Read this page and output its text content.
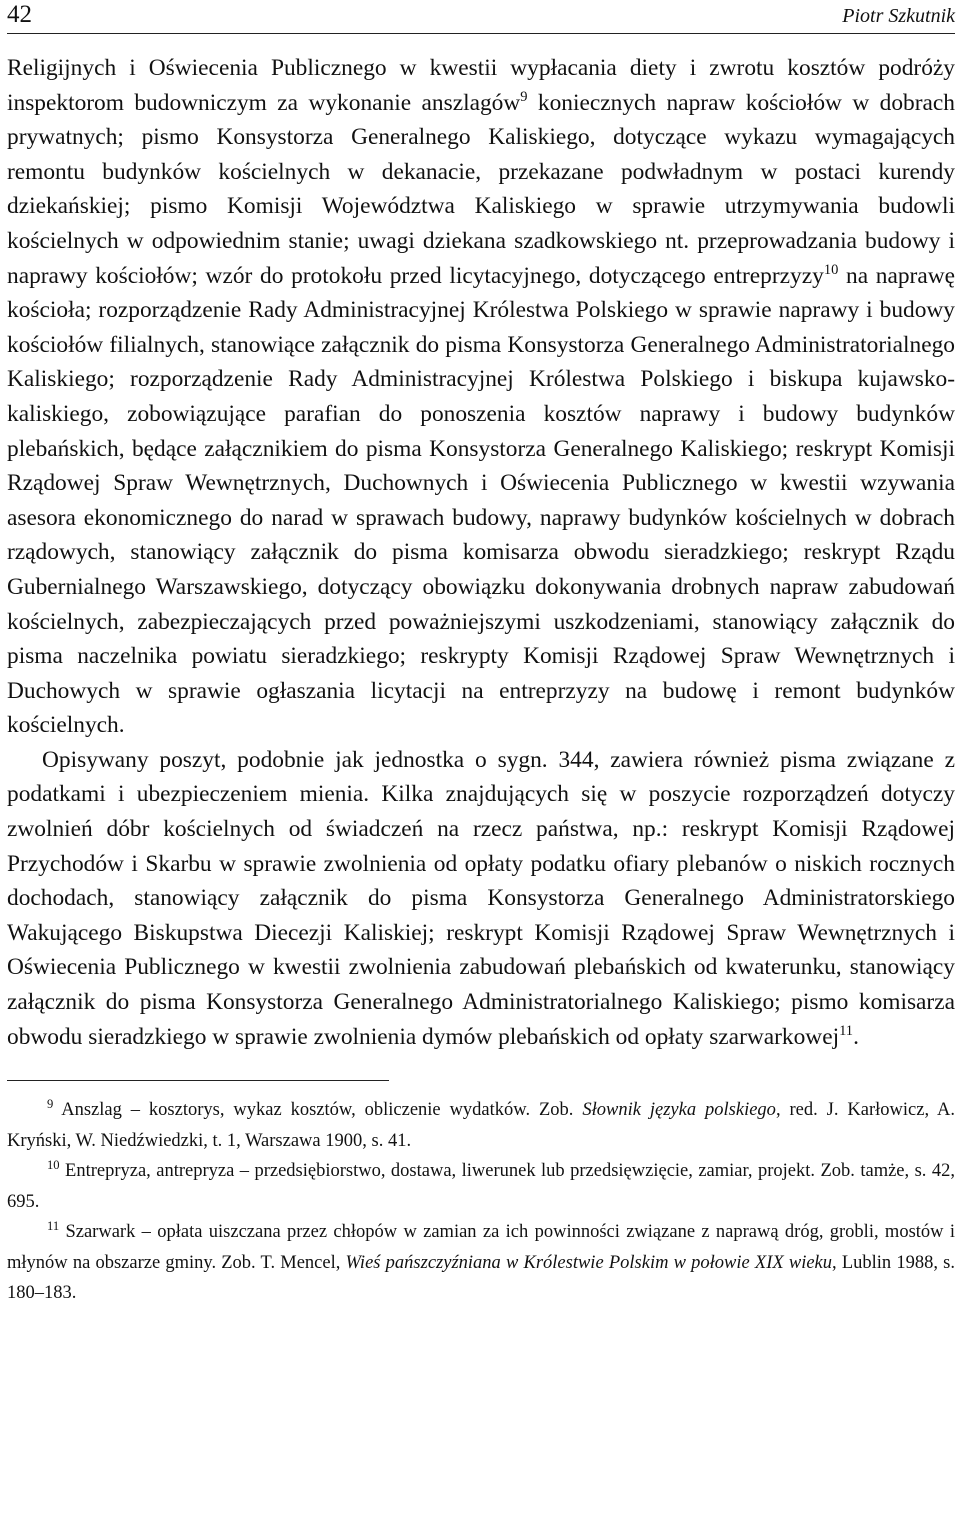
42	Piotr Szkutnik

Religijnych i Oświecenia Publicznego w kwestii wypłacania diety i zwrotu kosztów podróży inspektorom budowniczym za wykonanie anszlagów$^9$ koniecznych napraw kościołów w dobrach prywatnych; pismo Konsystorza Generalnego Kaliskiego, dotyczące wykazu wymagających remontu budynków kościelnych w dekanacie, przekazane podwładnym w postaci kurendy dziekańskiej; pismo Komisji Województwa Kaliskiego w sprawie utrzymywania budowli kościelnych w odpowiednim stanie; uwagi dziekana szadkowskiego nt. przeprowadzania budowy i naprawy kościołów; wzór do protokołu przed licytacyjnego, dotyczącego entreprzyzy$^{10}$ na naprawę kościoła; rozporządzenie Rady Administracyjnej Królestwa Polskiego w sprawie naprawy i budowy kościołów filialnych, stanowiące załącznik do pisma Konsystorza Generalnego Administratorialnego Kaliskiego; rozporządzenie Rady Administracyjnej Królestwa Polskiego i biskupa kujawsko-kaliskiego, zobowiązujące parafian do ponoszenia kosztów naprawy i budowy budynków plebańskich, będące załącznikiem do pisma Konsystorza Generalnego Kaliskiego; reskrypt Komisji Rządowej Spraw Wewnętrznych, Duchownych i Oświecenia Publicznego w kwestii wzywania asesora ekonomicznego do narad w sprawach budowy, naprawy budynków kościelnych w dobrach rządowych, stanowiący załącznik do pisma komisarza obwodu sieradzkiego; reskrypt Rządu Gubernialnego Warszawskiego, dotyczący obowiązku dokonywania drobnych napraw zabudowań kościelnych, zabezpieczających przed poważniejszymi uszkodzeniami, stanowiący załącznik do pisma naczelnika powiatu sieradzkiego; reskrypty Komisji Rządowej Spraw Wewnętrznych i Duchowych w sprawie ogłaszania licytacji na entreprzyzy na budowę i remont budynków kościelnych.

Opisywany poszyt, podobnie jak jednostka o sygn. 344, zawiera również pisma związane z podatkami i ubezpieczeniem mienia. Kilka znajdujących się w poszycie rozporządzeń dotyczy zwolnień dóbr kościelnych od świadczeń na rzecz państwa, np.: reskrypt Komisji Rządowej Przychodów i Skarbu w sprawie zwolnienia od opłaty podatku ofiary plebanów o niskich rocznych dochodach, stanowiący załącznik do pisma Konsystorza Generalnego Administratorskiego Wakującego Biskupstwa Diecezji Kaliskiej; reskrypt Komisji Rządowej Spraw Wewnętrznych i Oświecenia Publicznego w kwestii zwolnienia zabudowań plebańskich od kwaterunku, stanowiący załącznik do pisma Konsystorza Generalnego Administratorialnego Kaliskiego; pismo komisarza obwodu sieradzkiego w sprawie zwolnienia dymów plebańskich od opłaty szarwarkowej$^{11}$.

$^9$ Anszlag – kosztorys, wykaz kosztów, obliczenie wydatków. Zob. Słownik języka polskiego, red. J. Karłowicz, A. Kryński, W. Niedźwiedzki, t. 1, Warszawa 1900, s. 41.

$^{10}$ Entrepryza, antrepryza – przedsiębiorstwo, dostawa, liwerunek lub przedsięwzięcie, zamiar, projekt. Zob. tamże, s. 42, 695.

$^{11}$ Szarwark – opłata uiszczana przez chłopów w zamian za ich powinności związane z naprawą dróg, grobli, mostów i młynów na obszarze gminy. Zob. T. Mencel, Wieś pańszczyźniana w Królestwie Polskim w połowie XIX wieku, Lublin 1988, s. 180–183.
